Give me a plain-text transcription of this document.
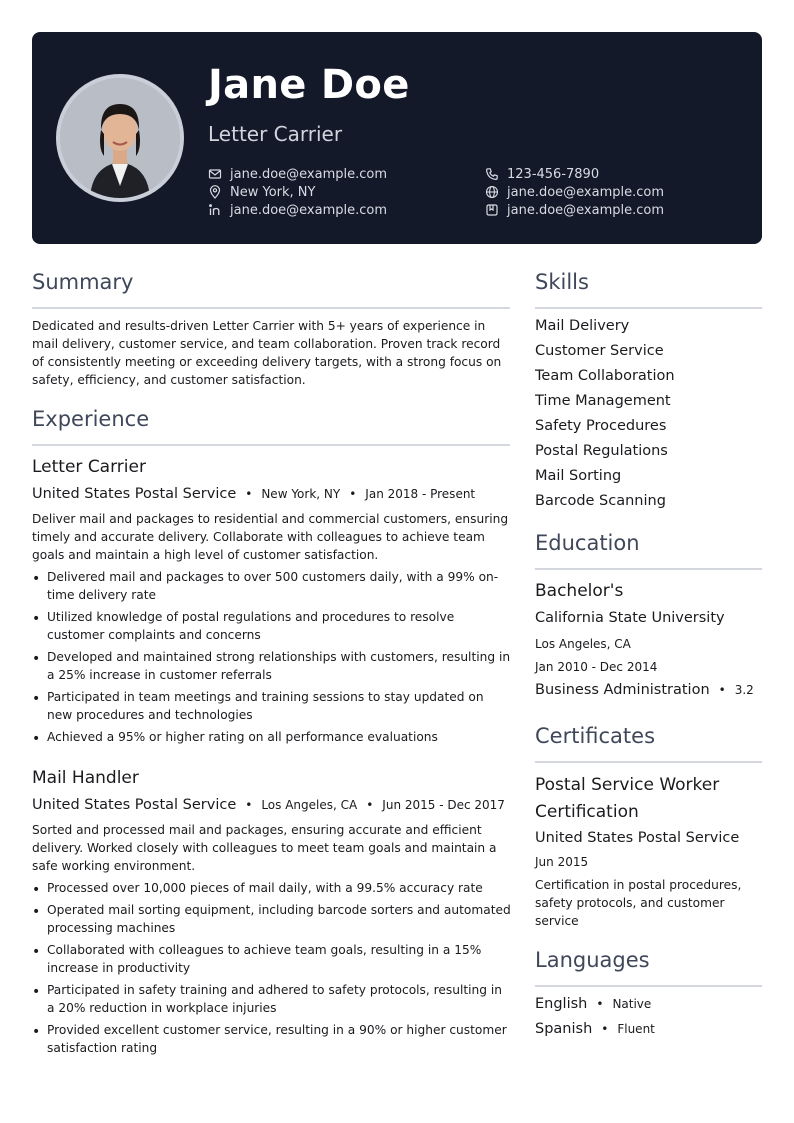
Jane Doe
Letter Carrier
jane.doe@example.com
New York, NY
jane.doe@example.com
123-456-7890
jane.doe@example.com
jane.doe@example.com
Summary
Dedicated and results-driven Letter Carrier with 5+ years of experience in mail delivery, customer service, and team collaboration. Proven track record of consistently meeting or exceeding delivery targets, with a strong focus on safety, efficiency, and customer satisfaction.
Experience
Letter Carrier
United States Postal Service • New York, NY • Jan 2018 - Present
Deliver mail and packages to residential and commercial customers, ensuring timely and accurate delivery. Collaborate with colleagues to achieve team goals and maintain a high level of customer satisfaction.
• Delivered mail and packages to over 500 customers daily, with a 99% on-time delivery rate
• Utilized knowledge of postal regulations and procedures to resolve customer complaints and concerns
• Developed and maintained strong relationships with customers, resulting in a 25% increase in customer referrals
• Participated in team meetings and training sessions to stay updated on new procedures and technologies
• Achieved a 95% or higher rating on all performance evaluations
Mail Handler
United States Postal Service • Los Angeles, CA • Jun 2015 - Dec 2017
Sorted and processed mail and packages, ensuring accurate and efficient delivery. Worked closely with colleagues to meet team goals and maintain a safe working environment.
• Processed over 10,000 pieces of mail daily, with a 99.5% accuracy rate
• Operated mail sorting equipment, including barcode sorters and automated processing machines
• Collaborated with colleagues to achieve team goals, resulting in a 15% increase in productivity
• Participated in safety training and adhered to safety protocols, resulting in a 20% reduction in workplace injuries
• Provided excellent customer service, resulting in a 90% or higher customer satisfaction rating
Skills
Mail Delivery
Customer Service
Team Collaboration
Time Management
Safety Procedures
Postal Regulations
Mail Sorting
Barcode Scanning
Education
Bachelor's
California State University
Los Angeles, CA
Jan 2010 - Dec 2014
Business Administration • 3.2
Certificates
Postal Service Worker Certification
United States Postal Service
Jun 2015
Certification in postal procedures, safety protocols, and customer service
Languages
English • Native
Spanish • Fluent
